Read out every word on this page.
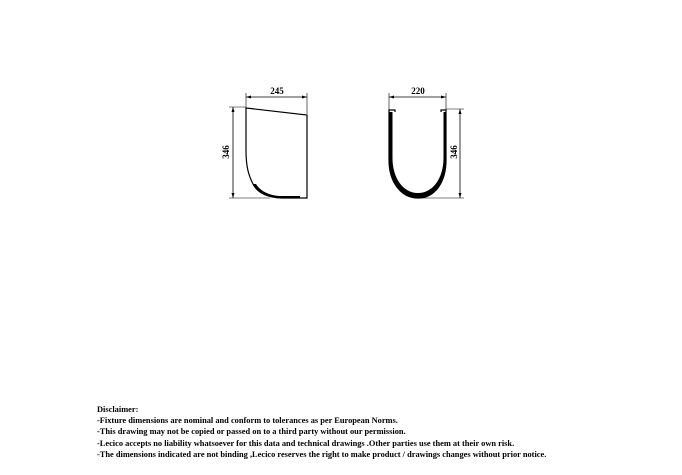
245
346
220
346
Disclaimer:
-Fixture dimensions are nominal and conform to tolerances as per European Norms.
-This drawing may not be copied or passed on to a third party without our permission.
-Lecico accepts no liability whatsoever for this data and technical drawings .Other parties use them at their own risk.
-The dimensions indicated are not binding ,Lecico reserves the right to make product / drawings changes without prior notice.
